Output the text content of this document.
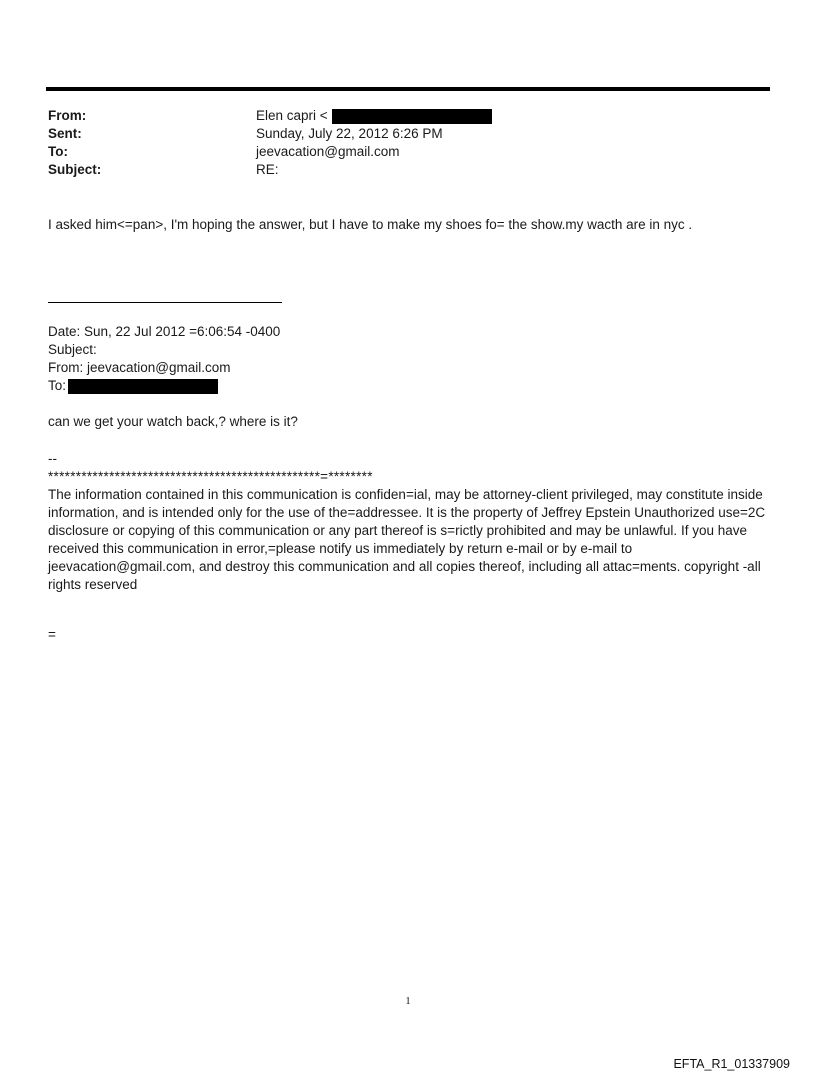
From:	Elen capri <
Sent:	Sunday, July 22, 2012 6:26 PM
To:	jeevacation@gmail.com
Subject:	RE:
I asked him<=pan>, I'm hoping the answer, but I have to make my shoes fo= the show.my wacth are in nyc .
Date: Sun, 22 Jul 2012 =6:06:54 -0400
Subject:
From: jeevacation@gmail.com
To:
can we get your watch back,? where is it?

--

*************************************************=********

The information contained in this communication is confiden=ial, may be attorney-client privileged, may constitute inside information, and is intended only for the use of the=addressee. It is the property of Jeffrey Epstein Unauthorized use=2C disclosure or copying of this communication or any part thereof is s=rictly prohibited and may be unlawful. If you have received this communication in error,=please notify us immediately by return e-mail or by e-mail to jeevacation@gmail.com, and destroy this communication and all copies thereof, including all attac=ments. copyright -all rights reserved

=
1
EFTA_R1_01337909
